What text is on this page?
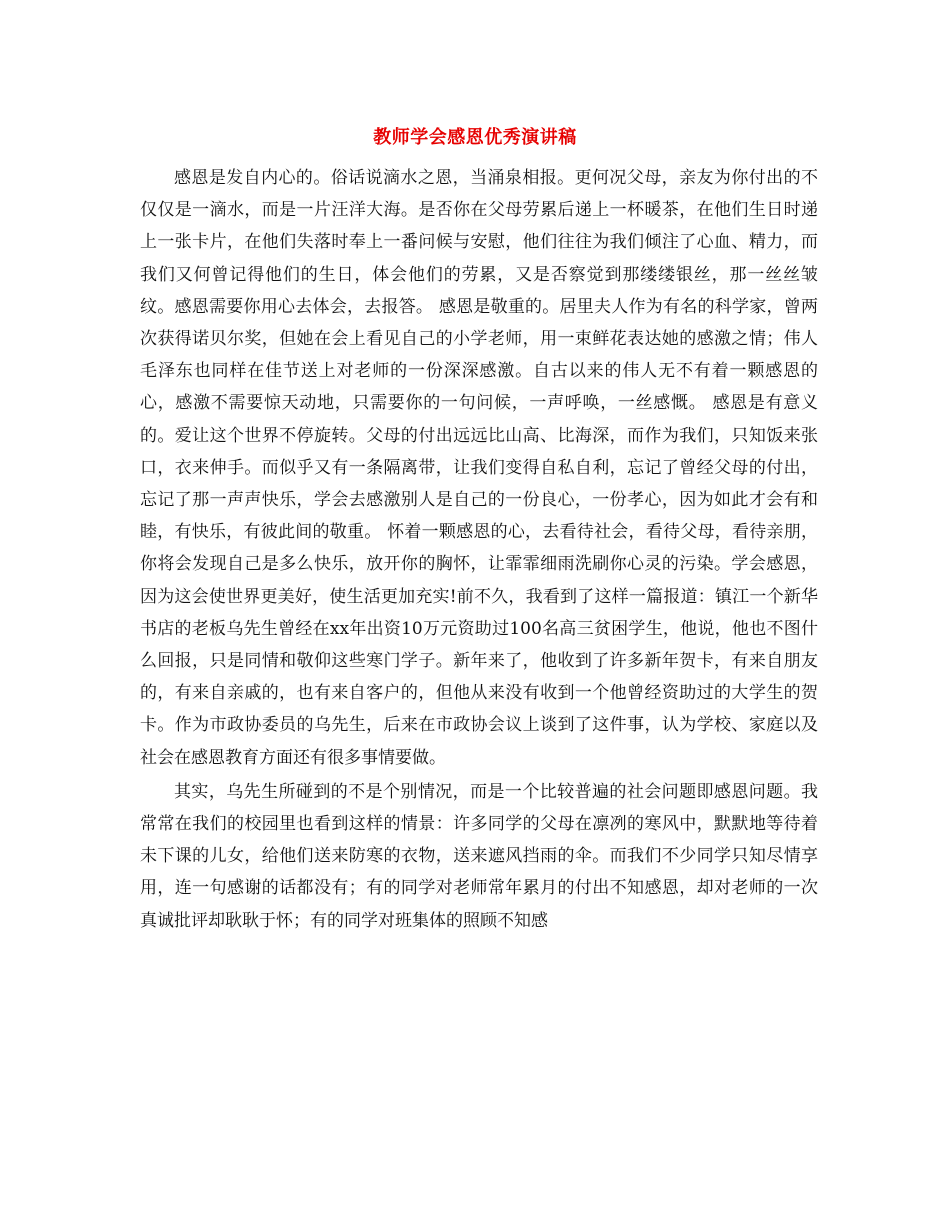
教师学会感恩优秀演讲稿

感恩是发自内心的。俗话说滴水之恩，当涌泉相报。更何况父母，亲友为你付出的不仅仅是一滴水，而是一片汪洋大海。是否你在父母劳累后递上一杯暖茶，在他们生日时递上一张卡片，在他们失落时奉上一番问候与安慰，他们往往为我们倾注了心血、精力，而我们又何曾记得他们的生日，体会他们的劳累，又是否察觉到那缕缕银丝，那一丝丝皱纹。感恩需要你用心去体会，去报答。 感恩是敬重的。居里夫人作为有名的科学家，曾两次获得诺贝尔奖，但她在会上看见自己的小学老师，用一束鲜花表达她的感激之情；伟人毛泽东也同样在佳节送上对老师的一份深深感激。自古以来的伟人无不有着一颗感恩的心，感激不需要惊天动地，只需要你的一句问候，一声呼唤，一丝感慨。 感恩是有意义的。爱让这个世界不停旋转。父母的付出远远比山高、比海深，而作为我们，只知饭来张口，衣来伸手。而似乎又有一条隔离带，让我们变得自私自利，忘记了曾经父母的付出，忘记了那一声声快乐，学会去感激别人是自己的一份良心，一份孝心，因为如此才会有和睦，有快乐，有彼此间的敬重。 怀着一颗感恩的心，去看待社会，看待父母，看待亲朋，你将会发现自己是多么快乐，放开你的胸怀，让霏霏细雨洗刷你心灵的污染。学会感恩，因为这会使世界更美好，使生活更加充实!前不久，我看到了这样一篇报道：镇江一个新华书店的老板乌先生曾经在xx年出资10万元资助过100名高三贫困学生，他说，他也不图什么回报，只是同情和敬仰这些寒门学子。新年来了，他收到了许多新年贺卡，有来自朋友的，有来自亲戚的，也有来自客户的，但他从来没有收到一个他曾经资助过的大学生的贺卡。作为市政协委员的乌先生，后来在市政协会议上谈到了这件事，认为学校、家庭以及社会在感恩教育方面还有很多事情要做。

其实，乌先生所碰到的不是个别情况，而是一个比较普遍的社会问题即感恩问题。我常常在我们的校园里也看到这样的情景：许多同学的父母在凛冽的寒风中，默默地等待着未下课的儿女，给他们送来防寒的衣物，送来遮风挡雨的伞。而我们不少同学只知尽情享用，连一句感谢的话都没有；有的同学对老师常年累月的付出不知感恩，却对老师的一次真诚批评却耿耿于怀；有的同学对班集体的照顾不知感
